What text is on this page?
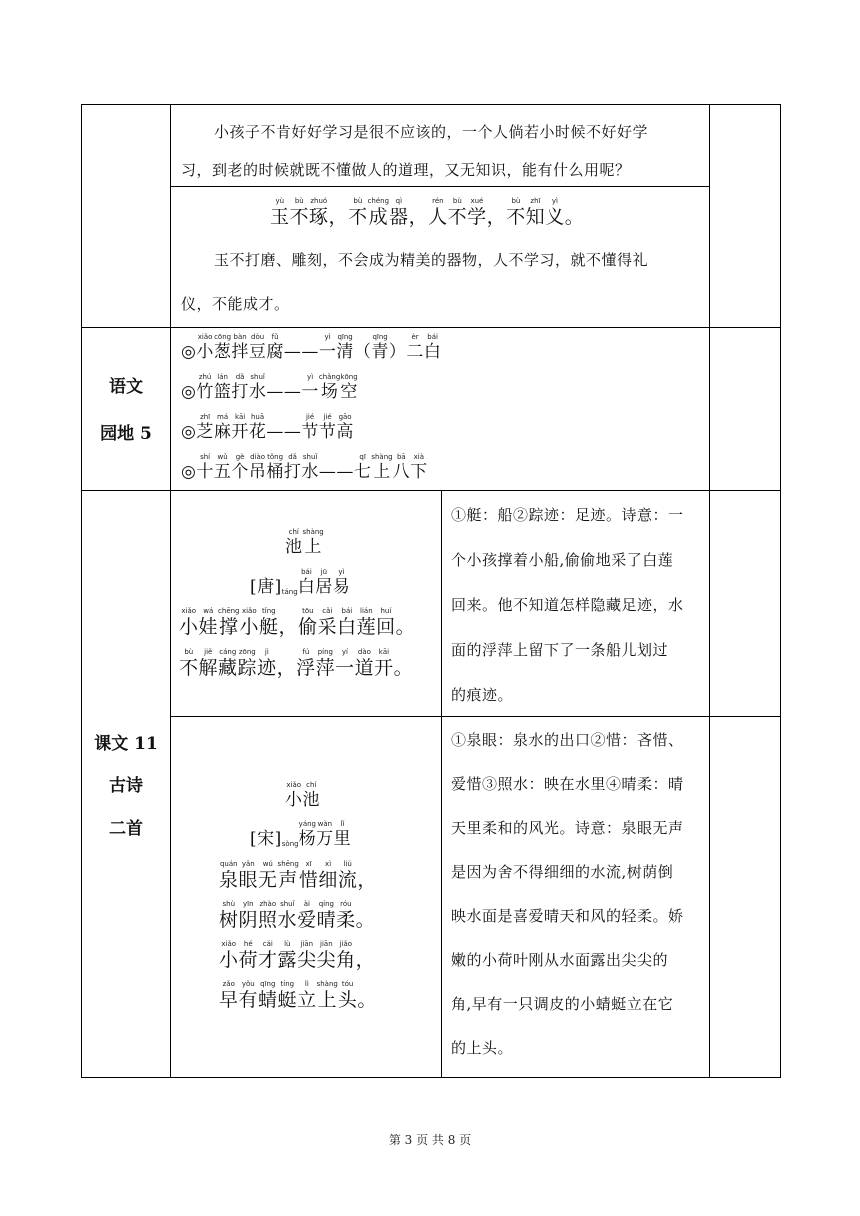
小孩子不肯好好学习是很不应该的，一个人倘若小时候不好好学
习，到老的时候就既不懂做人的道理，又无知识，能有什么用呢？
yù
玉
bù
不
zhuó
琢 ，
bù
不
chéng
成
qì
器 ，
rén
人
bù
不
xué
学 ，
bù
不
zhī
知
yì
义 。
玉不打磨、雕刻，不会成为精美的器物，人不学习，就不懂得礼
仪，不能成才。
语文
园地 5
◎
xiǎo
小
cōng
葱
bàn
拌
dòu
豆
fǔ
腐 ——
yì
一
qīng
清 （
qīng
青 ）
èr
二
bái
白
◎
zhú
竹
lán
篮
dǎ
打
shuǐ
水 ——
yì
一
chǎng
场
kōng
空
◎
zhī
芝
má
麻
kāi
开
huā
花 ——
jié
节
jié
节
gāo
高
◎
shí
十
wǔ
五
gè
个
diào
吊
tǒng
桶
dǎ
打
shuǐ
水 ——
qī
七
shàng
上
bā
八
xià
下
课文 11
古诗
二首
chí
池
shàng
上
[唐] táng
bái
白
jū
居
yì
易
xiǎo
小
wá
娃
chēng
撑
xiǎo
小
tǐng
艇 ，
tōu
偷
cǎi
采
bái
白
lián
莲
huí
回 。
bù
不
jiě
解
cáng
藏
zōng
踪
jì
迹 ，
fú
浮
píng
萍
yí
一
dào
道
kāi
开 。
①艇：船②踪迹：足迹。诗意：一
个小孩撑着小船,偷偷地采了白莲
回来。他不知道怎样隐藏足迹，水
面的浮萍上留下了一条船儿划过
的痕迹。
xiǎo
小
chí
池
[宋] sòng
yáng
杨
wàn
万
lǐ
里
quán
泉
yǎn
眼
wú
无
shēng
声
xī
惜
xì
细
liú
流 ，
shù
树
yīn
阴
zhào
照
shuǐ
水
ài
爱
qíng
晴
róu
柔 。
xiǎo
小
hé
荷
cái
才
lù
露
jiān
尖
jiān
尖
jiǎo
角 ，
zǎo
早
yǒu
有
qīng
蜻
tíng
蜓
lì
立
shàng
上
tóu
头 。
①泉眼：泉水的出口②惜：吝惜、
爱惜③照水：映在水里④晴柔：晴
天里柔和的风光。诗意：泉眼无声
是因为舍不得细细的水流,树荫倒
映水面是喜爱晴天和风的轻柔。娇
嫩的小荷叶刚从水面露出尖尖的
角,早有一只调皮的小蜻蜓立在它
的上头。
第 3 页 共 8 页
